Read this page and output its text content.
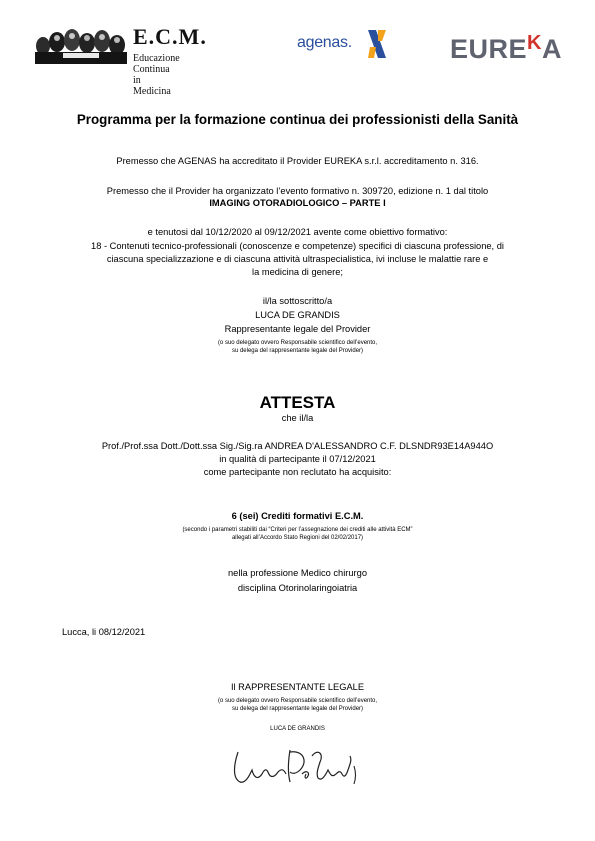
E.C.M.
Educazione Continua in Medicina
agenas.	$EURE^KA$
Programma per la formazione continua dei professionisti della Sanità
Premesso che AGENAS ha accreditato il Provider EUREKA s.r.l. accreditamento n. 316.
Premesso che il Provider ha organizzato l’evento formativo n. 309720, edizione n. 1 dal titolo
IMAGING OTORADIOLOGICO – PARTE I
e tenutosi dal 10/12/2020 al 09/12/2021 avente come obiettivo formativo:
18 - Contenuti tecnico-professionali (conoscenze e competenze) specifici di ciascuna professione, di
ciascuna specializzazione e di ciascuna attività ultraspecialistica, ivi incluse le malattie rare e
la medicina di genere;
il/la sottoscritto/a
LUCA DE GRANDIS
Rappresentante legale del Provider
(o suo delegato ovvero Responsabile scientifico dell’evento,
su delega del rappresentante legale del Provider)
ATTESTA
che il/la
Prof./Prof.ssa Dott./Dott.ssa Sig./Sig.ra ANDREA D'ALESSANDRO C.F. DLSNDR93E14A944O
in qualità di partecipante il 07/12/2021
come partecipante non reclutato ha acquisito:
6 (sei) Crediti formativi E.C.M.
(secondo i parametri stabiliti dai “Criteri per l’assegnazione dei crediti alle attività ECM”
allegati all’Accordo Stato Regioni del 02/02/2017)
nella professione Medico chirurgo
disciplina Otorinolaringoiatria
Lucca, li 08/12/2021
Il RAPPRESENTANTE LEGALE
(o suo delegato ovvero Responsabile scientifico dell’evento,
su delega del rappresentante legale del Provider)
LUCA DE GRANDIS
